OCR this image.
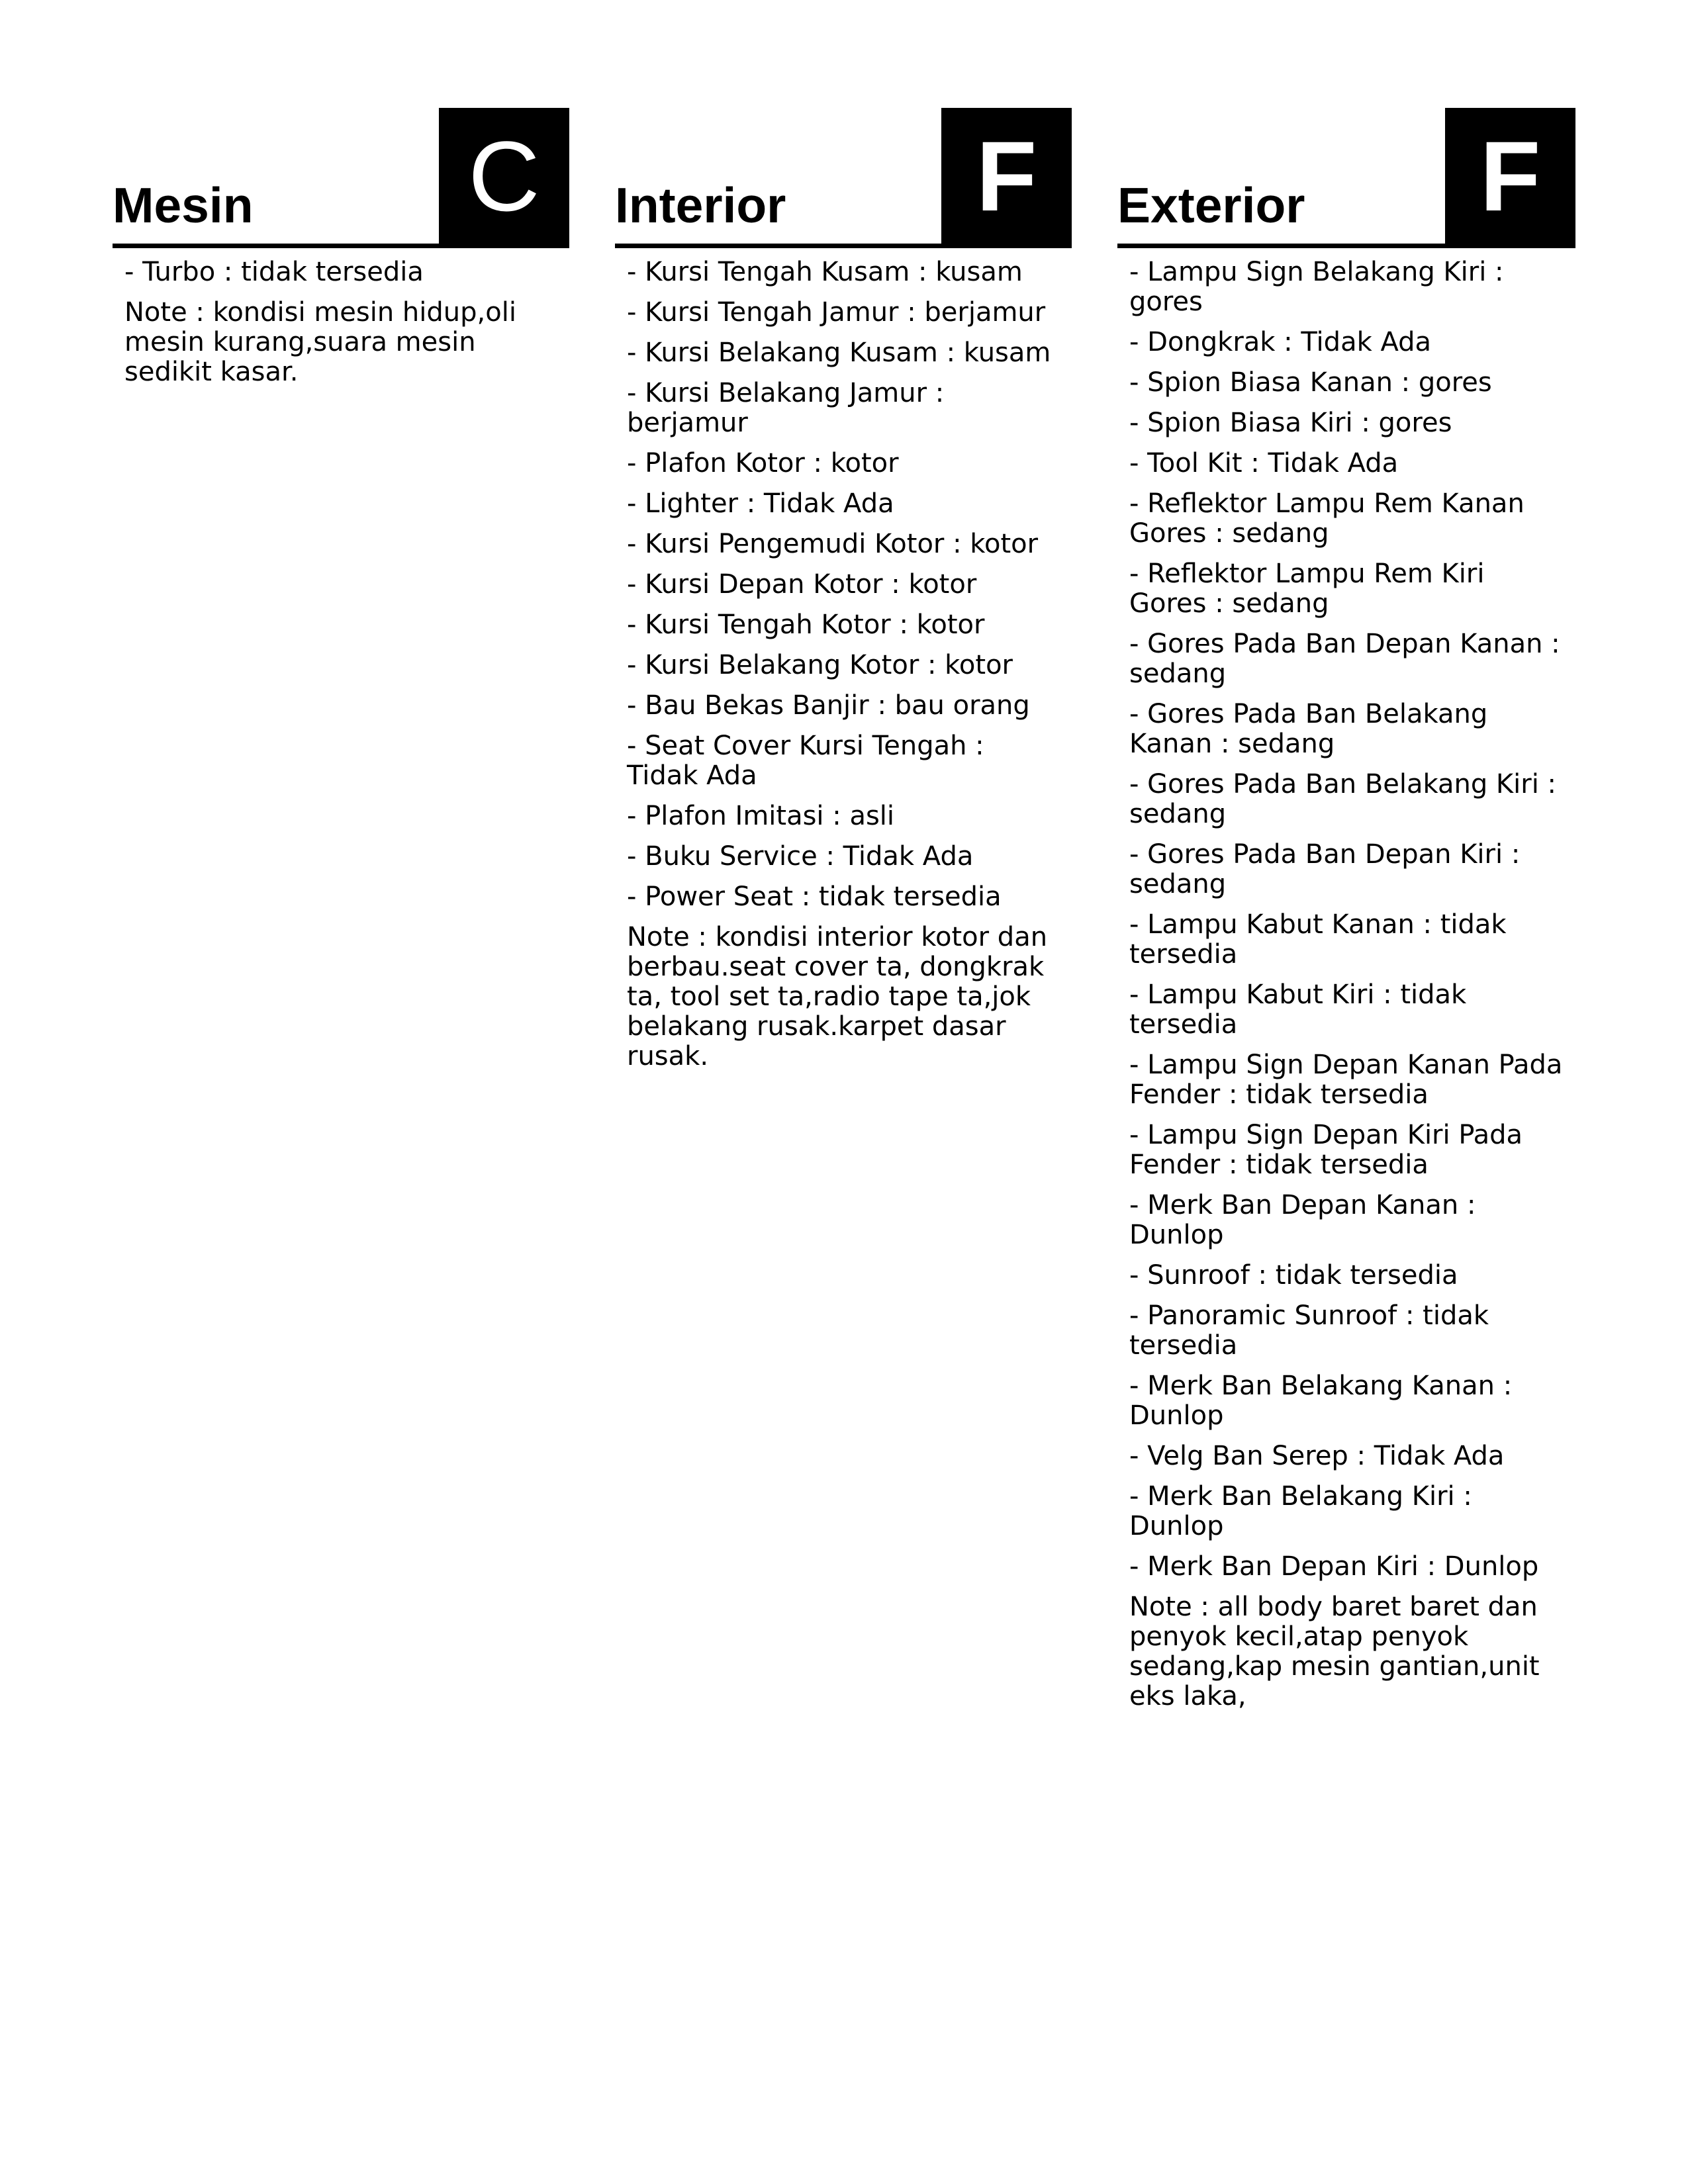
Mesin C
- Turbo : tidak tersedia
Note : kondisi mesin hidup,oli mesin kurang,suara mesin sedikit kasar.
Interior	F
- Kursi Tengah Kusam : kusam
- Kursi Tengah Jamur : berjamur
- Kursi Belakang Kusam : kusam
- Kursi Belakang Jamur : berjamur
- Plafon Kotor : kotor
- Lighter : Tidak Ada
- Kursi Pengemudi Kotor : kotor
- Kursi Depan Kotor : kotor
- Kursi Tengah Kotor : kotor
- Kursi Belakang Kotor : kotor
- Bau Bekas Banjir : bau orang
- Seat Cover Kursi Tengah : Tidak Ada
- Plafon Imitasi : asli
- Buku Service : Tidak Ada
- Power Seat : tidak tersedia
Note : kondisi interior kotor dan berbau.seat cover ta, dongkrak ta, tool set ta,radio tape ta,jok belakang rusak.karpet dasar rusak.
Exterior	F
- Lampu Sign Belakang Kiri : gores
- Dongkrak : Tidak Ada
- Spion Biasa Kanan : gores
- Spion Biasa Kiri : gores
- Tool Kit : Tidak Ada
- Reflektor Lampu Rem Kanan Gores : sedang
- Reflektor Lampu Rem Kiri Gores : sedang
- Gores Pada Ban Depan Kanan : sedang
- Gores Pada Ban Belakang Kanan : sedang
- Gores Pada Ban Belakang Kiri : sedang
- Gores Pada Ban Depan Kiri : sedang
- Lampu Kabut Kanan : tidak tersedia
- Lampu Kabut Kiri : tidak tersedia
- Lampu Sign Depan Kanan Pada Fender : tidak tersedia
- Lampu Sign Depan Kiri Pada Fender : tidak tersedia
- Merk Ban Depan Kanan : Dunlop
- Sunroof : tidak tersedia
- Panoramic Sunroof : tidak tersedia
- Merk Ban Belakang Kanan : Dunlop
- Velg Ban Serep : Tidak Ada
- Merk Ban Belakang Kiri : Dunlop
- Merk Ban Depan Kiri : Dunlop
Note : all body baret baret dan penyok kecil,atap penyok sedang,kap mesin gantian,unit eks laka,
